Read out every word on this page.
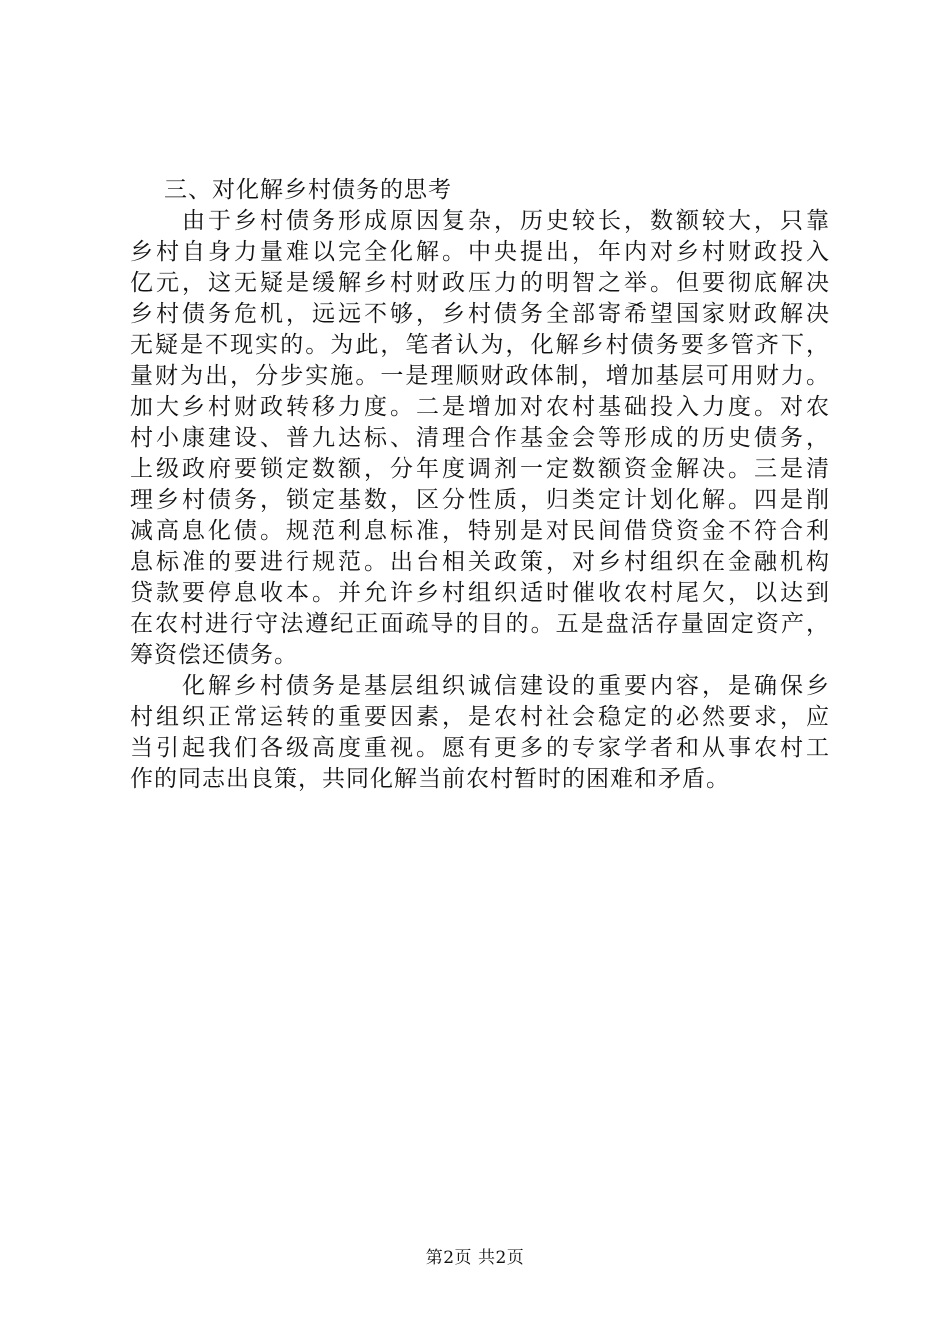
三、对化解乡村债务的思考
由于乡村债务形成原因复杂，历史较长，数额较大，只靠
乡村自身力量难以完全化解。中央提出，年内对乡村财政投入
亿元，这无疑是缓解乡村财政压力的明智之举。但要彻底解决
乡村债务危机，远远不够，乡村债务全部寄希望国家财政解决
无疑是不现实的。为此，笔者认为，化解乡村债务要多管齐下，
量财为出，分步实施。一是理顺财政体制，增加基层可用财力。
加大乡村财政转移力度。二是增加对农村基础投入力度。对农
村小康建设、普九达标、清理合作基金会等形成的历史债务，
上级政府要锁定数额，分年度调剂一定数额资金解决。三是清
理乡村债务，锁定基数，区分性质，归类定计划化解。四是削
减高息化债。规范利息标准，特别是对民间借贷资金不符合利
息标准的要进行规范。出台相关政策，对乡村组织在金融机构
贷款要停息收本。并允许乡村组织适时催收农村尾欠，以达到
在农村进行守法遵纪正面疏导的目的。五是盘活存量固定资产，
筹资偿还债务。
化解乡村债务是基层组织诚信建设的重要内容，是确保乡
村组织正常运转的重要因素，是农村社会稳定的必然要求，应
当引起我们各级高度重视。愿有更多的专家学者和从事农村工
作的同志出良策，共同化解当前农村暂时的困难和矛盾。
第2页 共2页
